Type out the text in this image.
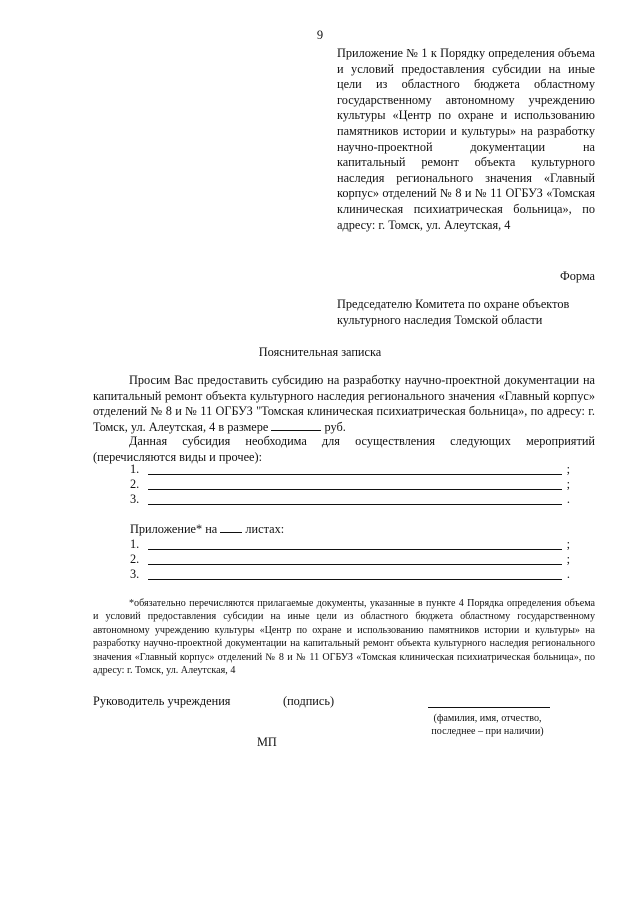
9
Приложение № 1 к Порядку определения объема и условий предоставления субсидии на иные цели из областного бюджета областному государственному автономному учреждению культуры «Центр по охране и использованию памятников истории и культуры» на разработку научно-проектной документации на капитальный ремонт объекта культурного наследия регионального значения «Главный корпус» отделений № 8 и № 11 ОГБУЗ «Томская клиническая психиатрическая больница», по адресу: г. Томск, ул. Алеутская, 4
Форма
Председателю Комитета по охране объектов
культурного наследия Томской области
Пояснительная записка
Просим Вас предоставить субсидию на разработку научно-проектной документации на капитальный ремонт объекта культурного наследия регионального значения «Главный корпус» отделений № 8 и № 11 ОГБУЗ "Томская клиническая психиатрическая больница», по адресу: г. Томск, ул. Алеутская, 4 в размере	руб.
Данная субсидия необходима для осуществления следующих мероприятий (перечисляются виды и прочее):
1.	;
2.	;
3.	.
Приложение* на листах:
1.	;
2.	;
3.	.
*обязательно перечисляются прилагаемые документы, указанные в пункте 4 Порядка определения объема и условий предоставления субсидии на иные цели из областного бюджета областному государственному автономному учреждению культуры «Центр по охране и использованию памятников истории и культуры» на разработку научно-проектной документации на капитальный ремонт объекта культурного наследия регионального значения «Главный корпус» отделений № 8 и № 11 ОГБУЗ «Томская клиническая психиатрическая больница», по адресу: г. Томск, ул. Алеутская, 4
Руководитель учреждения	(подпись)
(фамилия, имя, отчество,
последнее – при наличии)
МП
